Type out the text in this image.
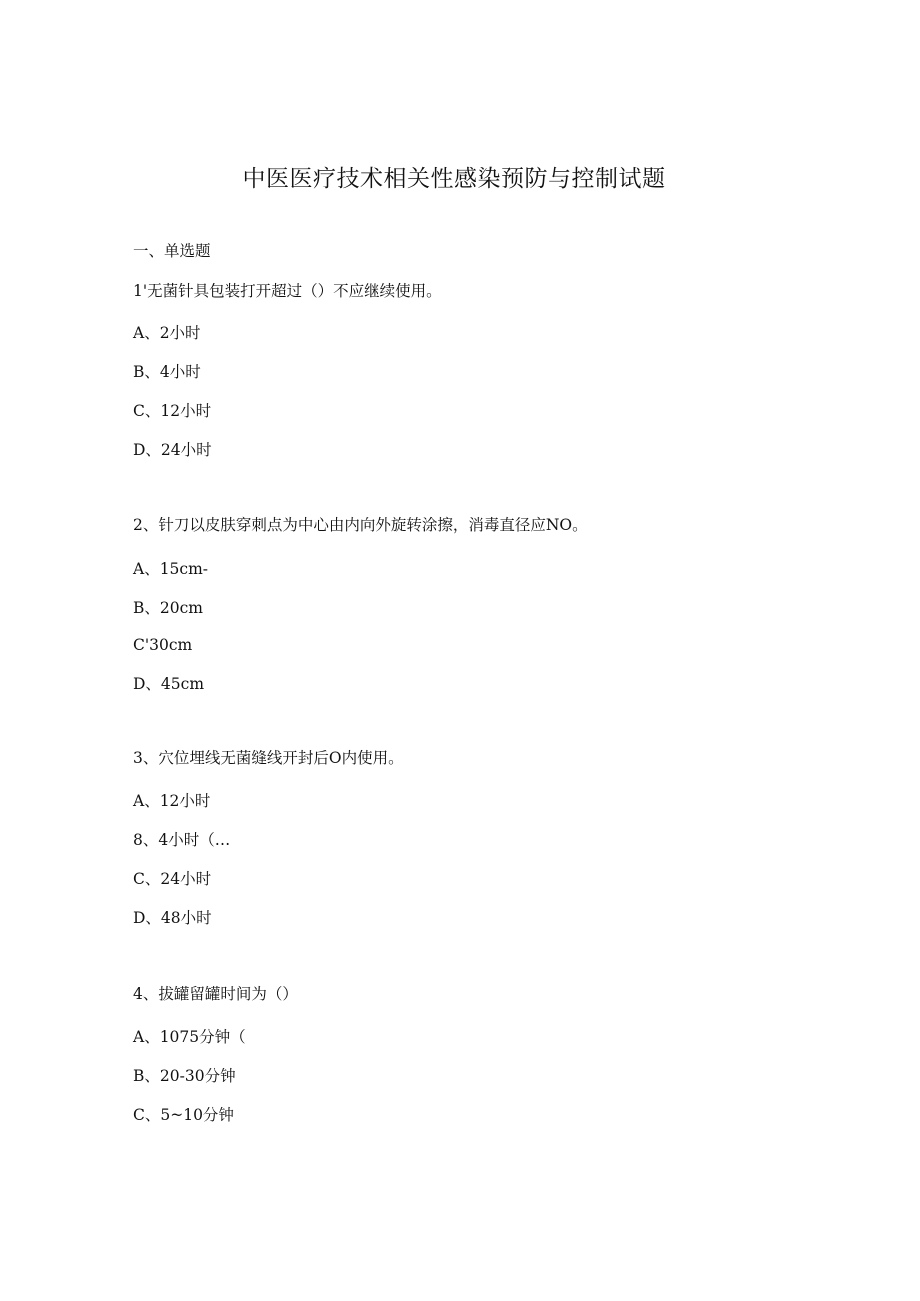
中医医疗技术相关性感染预防与控制试题

一、单选题

1'无菌针具包装打开超过（）不应继续使用。

A、2小时

B、4小时

C、12小时

D、24小时

2、针刀以皮肤穿刺点为中心由内向外旋转涂擦，消毒直径应NO。

A、15cm-

B、20cm

C'30cm

D、45cm

3、穴位埋线无菌缝线开封后O内使用。

A、12小时

8、4小时（…

C、24小时

D、48小时

4、拔罐留罐时间为（）

A、1075分钟（

B、20-30分钟

C、5~10分钟
